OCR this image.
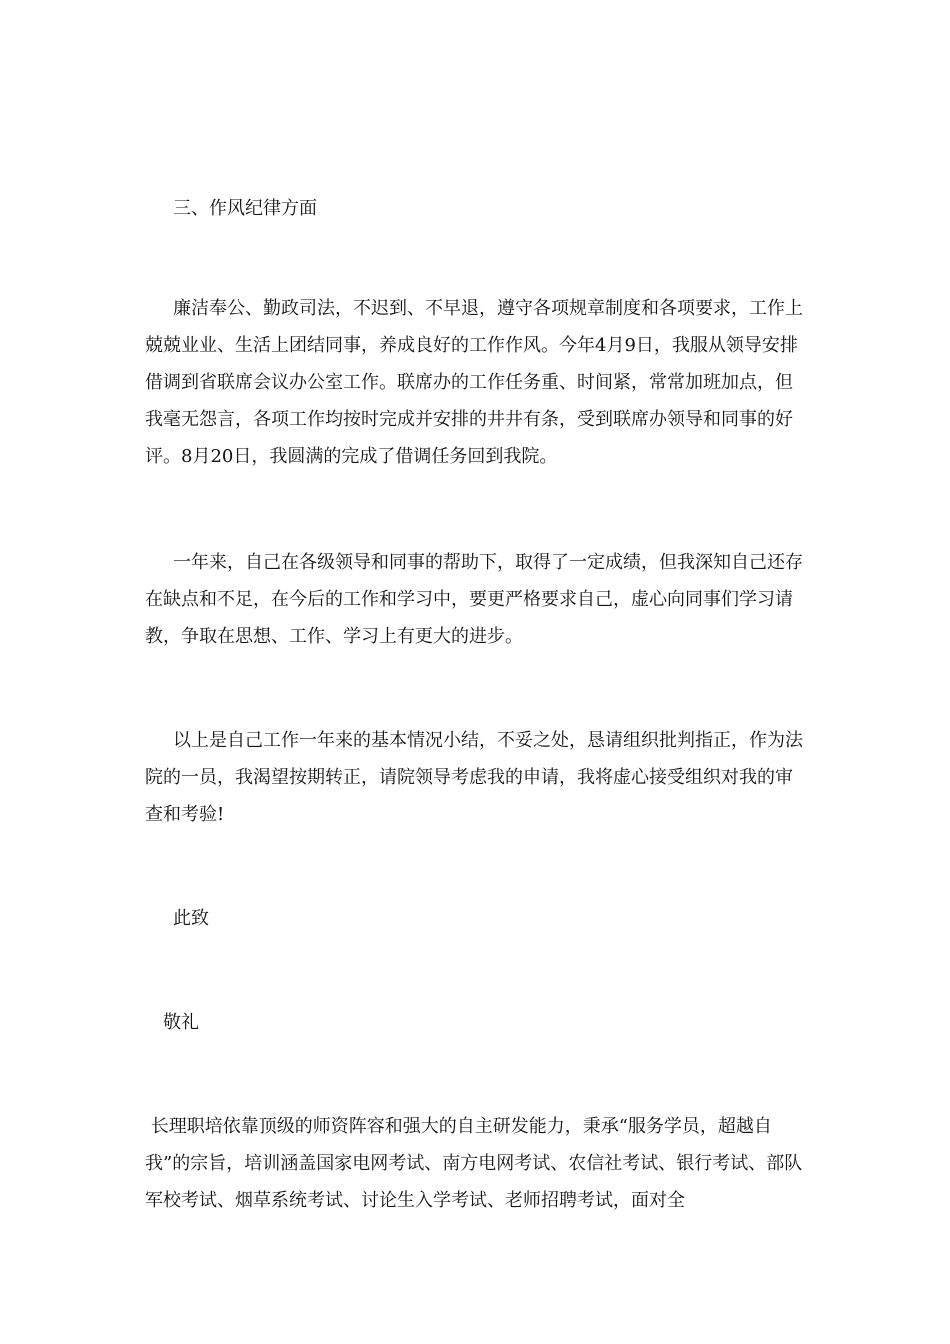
三、作风纪律方面
廉洁奉公、勤政司法，不迟到、不早退，遵守各项规章制度和各项要求，工作上兢兢业业、生活上团结同事，养成良好的工作作风。今年4月9日，我服从领导安排借调到省联席会议办公室工作。联席办的工作任务重、时间紧，常常加班加点，但我毫无怨言，各项工作均按时完成并安排的井井有条，受到联席办领导和同事的好评。8月20日，我圆满的完成了借调任务回到我院。
一年来，自己在各级领导和同事的帮助下，取得了一定成绩，但我深知自己还存在缺点和不足，在今后的工作和学习中，要更严格要求自己，虚心向同事们学习请教，争取在思想、工作、学习上有更大的进步。
以上是自己工作一年来的基本情况小结，不妥之处，恳请组织批判指正，作为法院的一员，我渴望按期转正，请院领导考虑我的申请，我将虚心接受组织对我的审查和考验!
此致
敬礼
长理职培依靠顶级的师资阵容和强大的自主研发能力，秉承“服务学员，超越自我”的宗旨，培训涵盖国家电网考试、南方电网考试、农信社考试、银行考试、部队军校考试、烟草系统考试、讨论生入学考试、老师招聘考试，面对全
